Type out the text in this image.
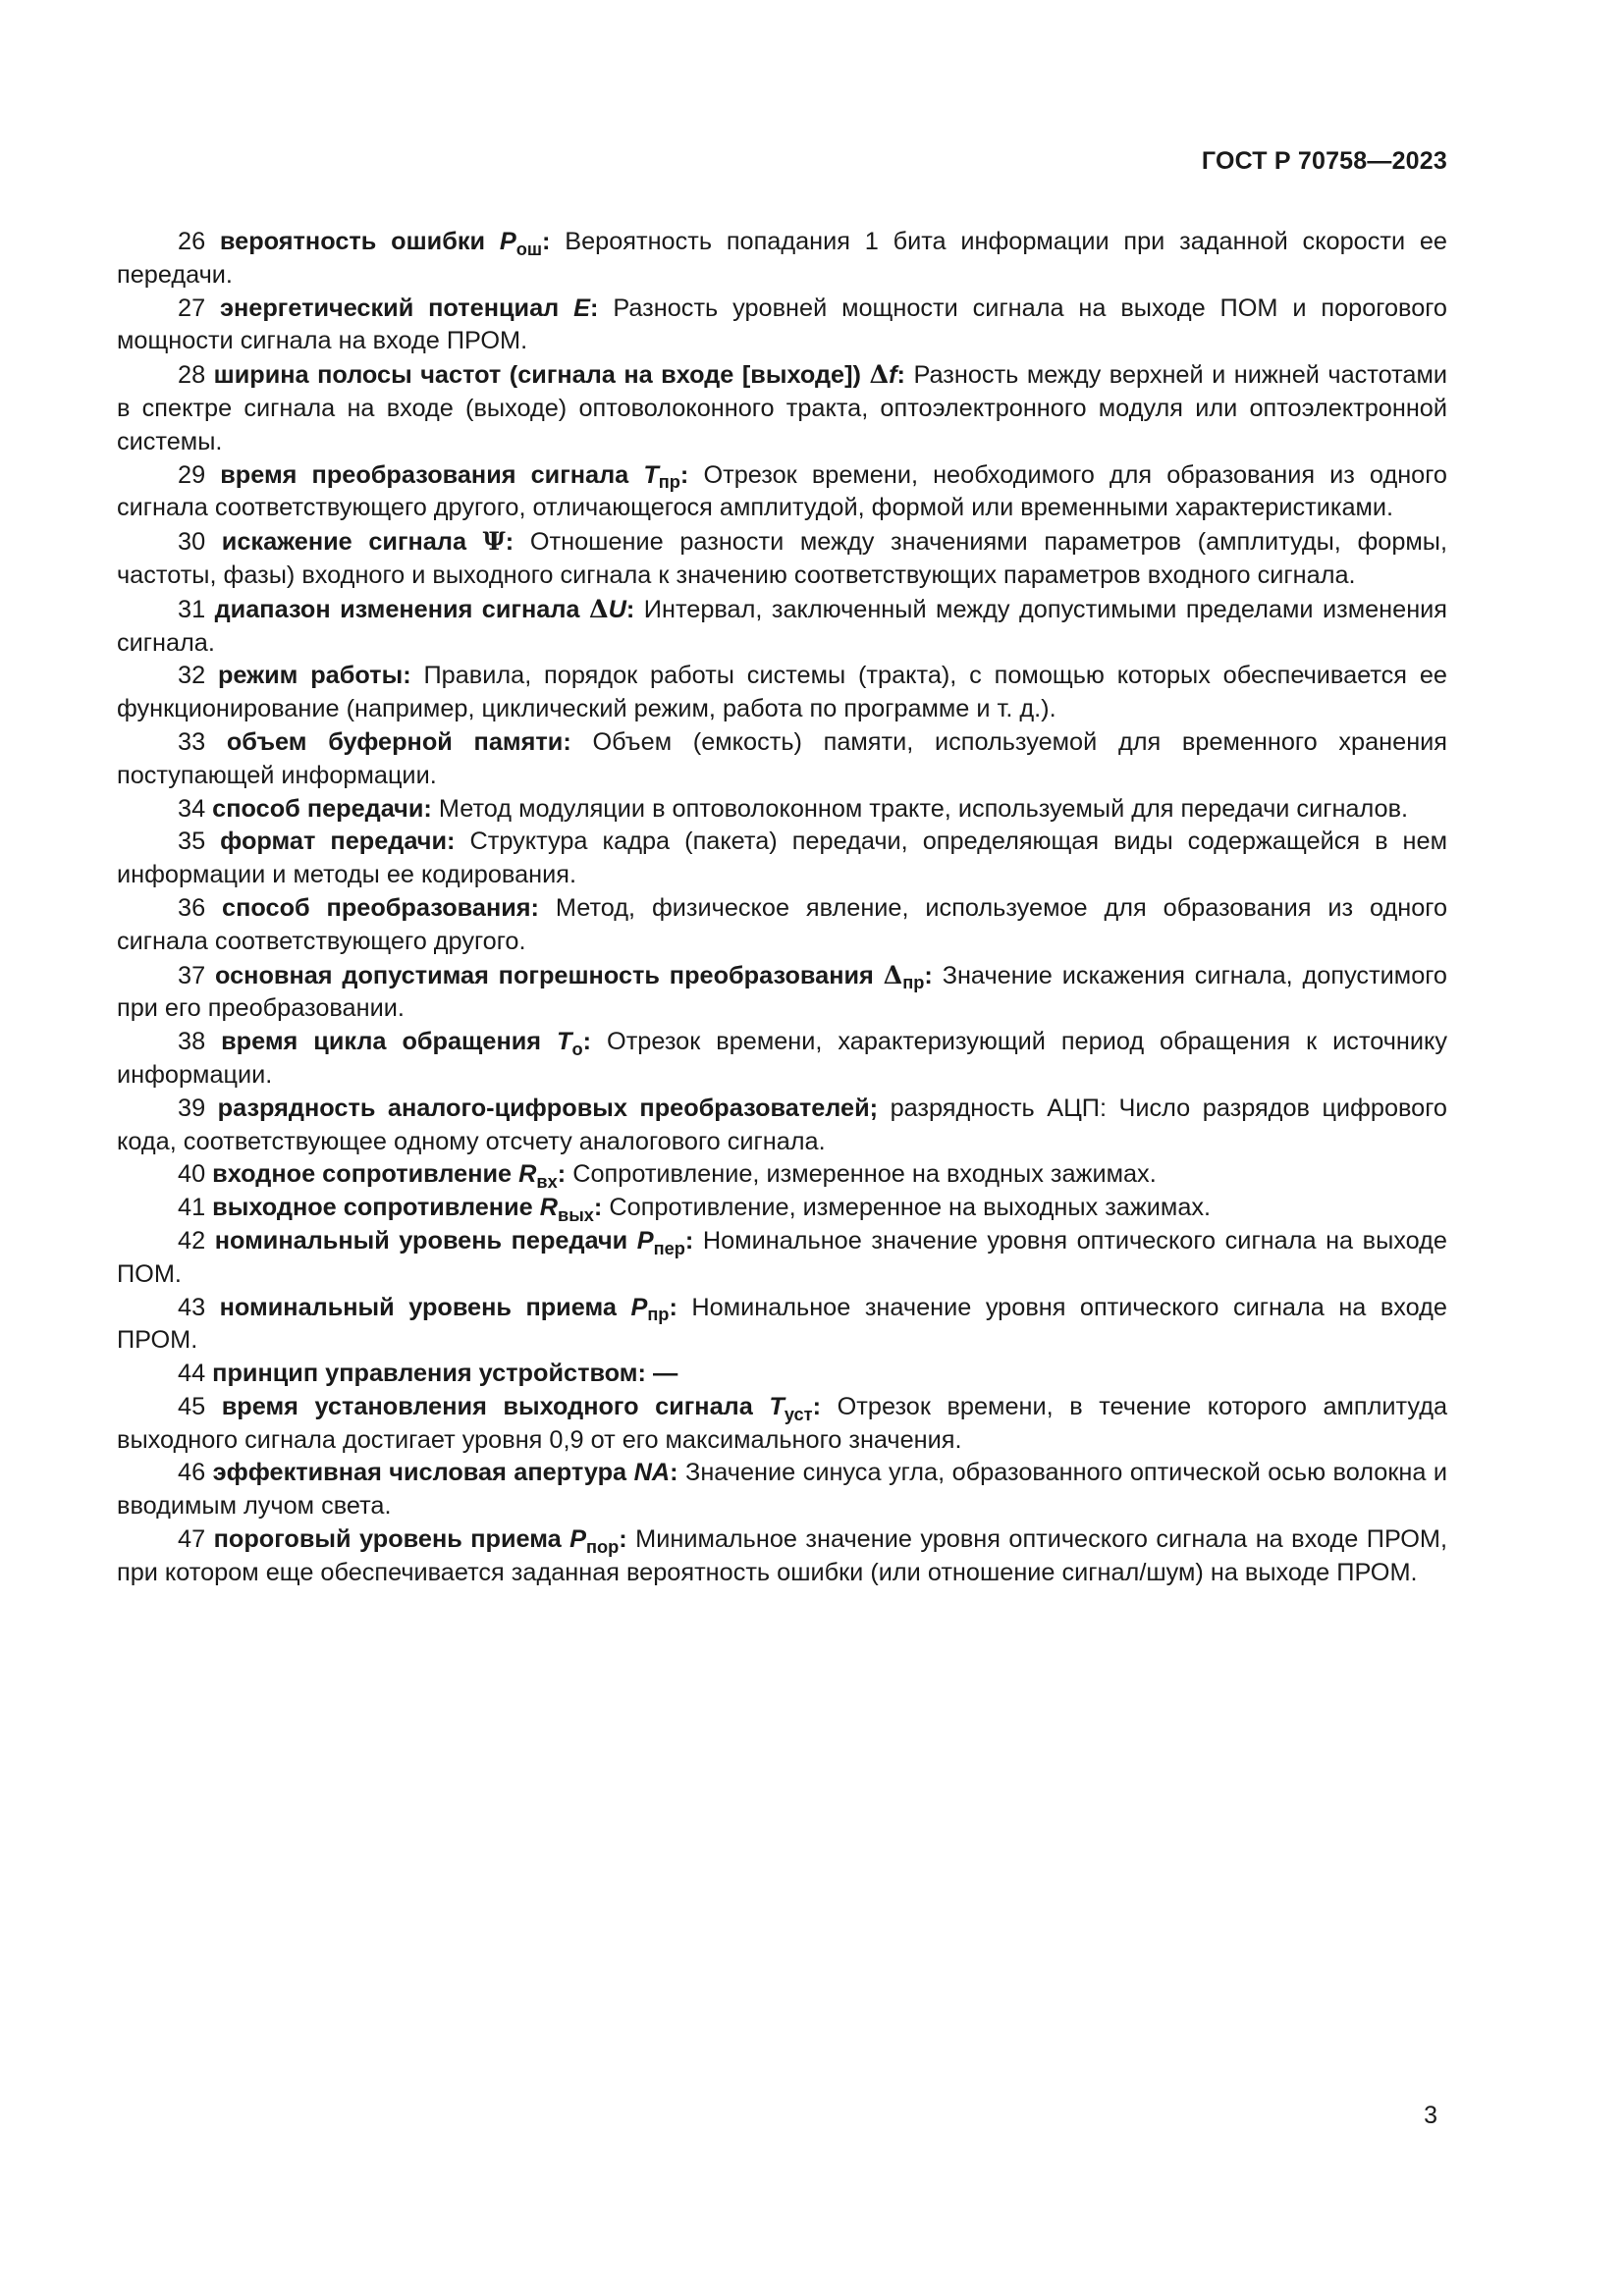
ГОСТ Р 70758—2023

26 вероятность ошибки $P_{ош}$: Вероятность попадания 1 бита информации при заданной скорости ее передачи.

27 энергетический потенциал E: Разность уровней мощности сигнала на выходе ПОМ и порогового мощности сигнала на входе ПРОМ.

28 ширина полосы частот (сигнала на входе [выходе]) Δf: Разность между верхней и нижней частотами в спектре сигнала на входе (выходе) оптоволоконного тракта, оптоэлектронного модуля или оптоэлектронной системы.

29 время преобразования сигнала $T_{пр}$: Отрезок времени, необходимого для образования из одного сигнала соответствующего другого, отличающегося амплитудой, формой или временными характеристиками.

30 искажение сигнала Ψ: Отношение разности между значениями параметров (амплитуды, формы, частоты, фазы) входного и выходного сигнала к значению соответствующих параметров входного сигнала.

31 диапазон изменения сигнала ΔU: Интервал, заключенный между допустимыми пределами изменения сигнала.

32 режим работы: Правила, порядок работы системы (тракта), с помощью которых обеспечивается ее функционирование (например, циклический режим, работа по программе и т. д.).

33 объем буферной памяти: Объем (емкость) памяти, используемой для временного хранения поступающей информации.

34 способ передачи: Метод модуляции в оптоволоконном тракте, используемый для передачи сигналов.

35 формат передачи: Структура кадра (пакета) передачи, определяющая виды содержащейся в нем информации и методы ее кодирования.

36 способ преобразования: Метод, физическое явление, используемое для образования из одного сигнала соответствующего другого.

37 основная допустимая погрешность преобразования $\Delta_{пр}$: Значение искажения сигнала, допустимого при его преобразовании.

38 время цикла обращения $T_о$: Отрезок времени, характеризующий период обращения к источнику информации.

39 разрядность аналого-цифровых преобразователей; разрядность АЦП: Число разрядов цифрового кода, соответствующее одному отсчету аналогового сигнала.

40 входное сопротивление $R_{вх}$: Сопротивление, измеренное на входных зажимах.

41 выходное сопротивление $R_{вых}$: Сопротивление, измеренное на выходных зажимах.

42 номинальный уровень передачи $P_{пер}$: Номинальное значение уровня оптического сигнала на выходе ПОМ.

43 номинальный уровень приема $P_{пр}$: Номинальное значение уровня оптического сигнала на входе ПРОМ.

44 принцип управления устройством: —

45 время установления выходного сигнала $T_{уст}$: Отрезок времени, в течение которого амплитуда выходного сигнала достигает уровня 0,9 от его максимального значения.

46 эффективная числовая апертура NA: Значение синуса угла, образованного оптической осью волокна и вводимым лучом света.

47 пороговый уровень приема $P_{пор}$: Минимальное значение уровня оптического сигнала на входе ПРОМ, при котором еще обеспечивается заданная вероятность ошибки (или отношение сигнал/шум) на выходе ПРОМ.

3
